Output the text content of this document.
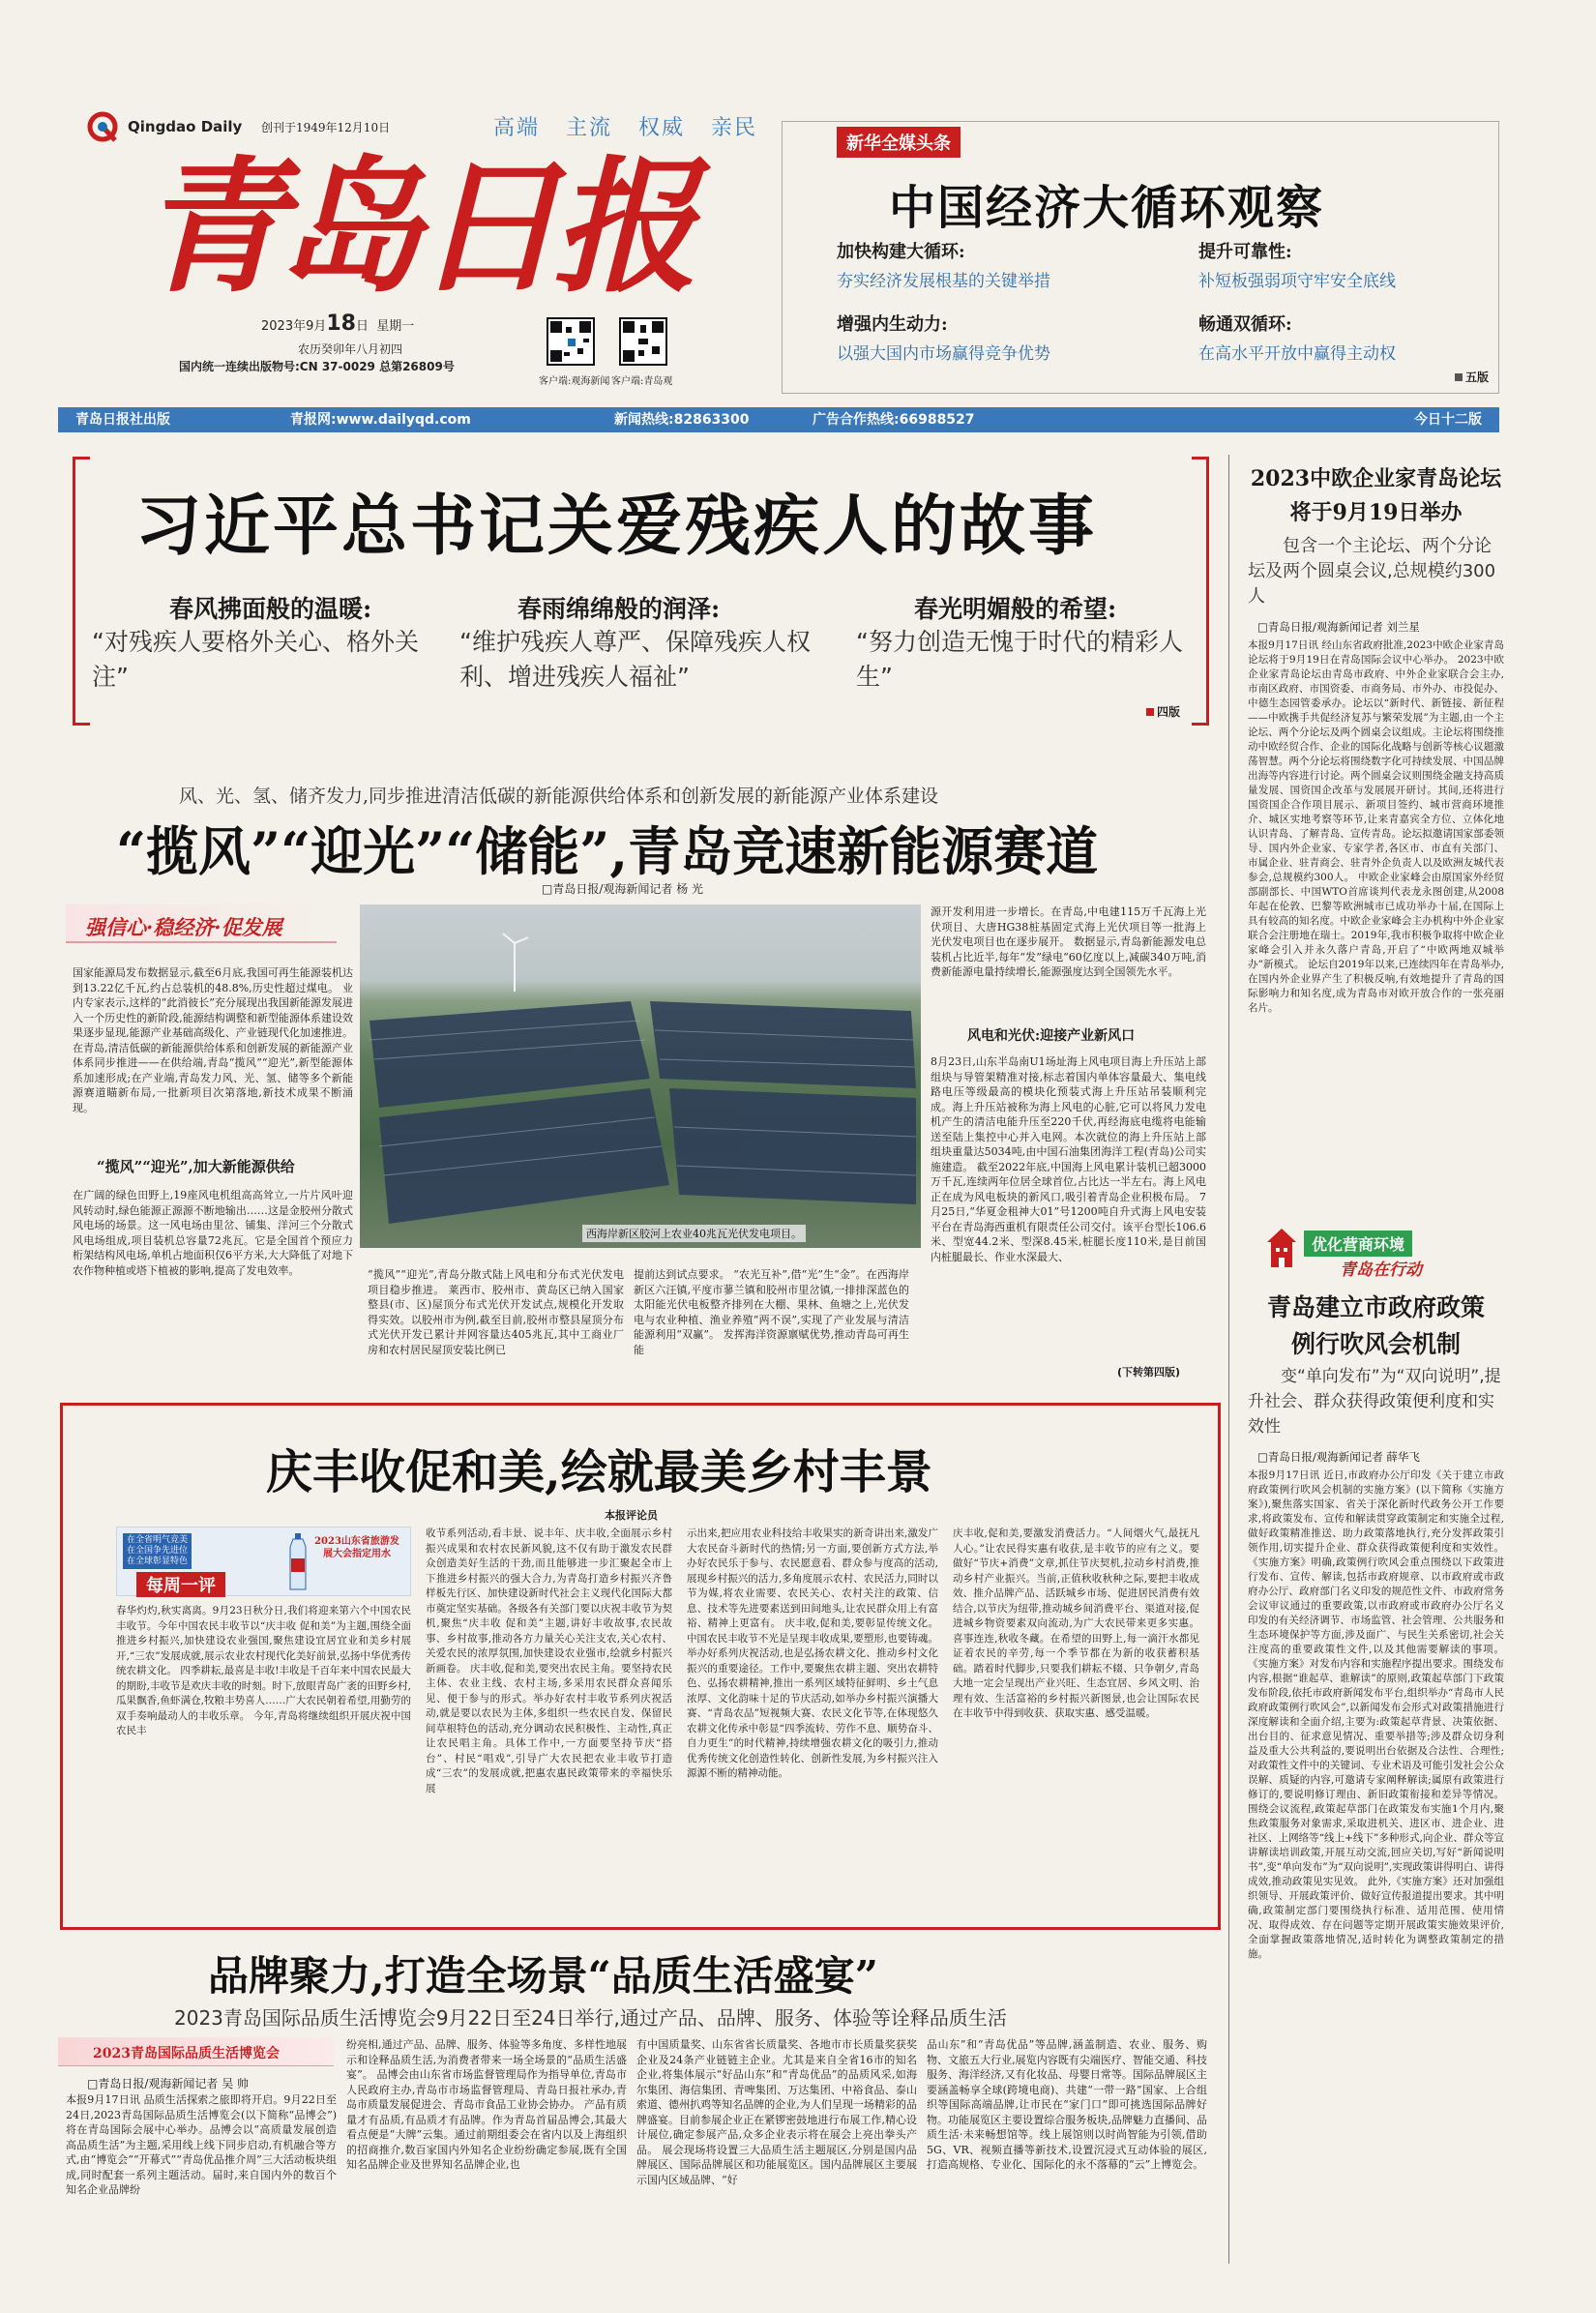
Qingdao Daily 创刊于1949年12月10日	高端 主流 权威 亲民
青岛日报
2023年9月18日 星期一
农历癸卯年八月初四
国内统一连续出版物号:CN 37-0029 总第26809号
客户端:观海新闻 客户端:青岛观
新华全媒头条
中国经济大循环观察
加快构建大循环:
夯实经济发展根基的关键举措
提升可靠性:
补短板强弱项守牢安全底线
增强内生动力:
以强大国内市场赢得竞争优势
畅通双循环:
在高水平开放中赢得主动权
五版
青岛日报社出版	青报网:www.dailyqd.com	新闻热线:82863300	广告合作热线:66988527	今日十二版
习近平总书记关爱残疾人的故事
春风拂面般的温暖:
“对残疾人要格外关心、格外关注”
春雨绵绵般的润泽:
“维护残疾人尊严、保障残疾人权利、增进残疾人福祉”
春光明媚般的希望:
“努力创造无愧于时代的精彩人生”
四版
风、光、氢、储齐发力,同步推进清洁低碳的新能源供给体系和创新发展的新能源产业体系建设
“揽风”“迎光”“储能”,青岛竞速新能源赛道
□青岛日报/观海新闻记者 杨 光
强信心·稳经济·促发展
国家能源局发布数据显示,截至6月底,我国可再生能源装机达到13.22亿千瓦,约占总装机的48.8%,历史性超过煤电。 业内专家表示,这样的“此消彼长”充分展现出我国新能源发展进入一个历史性的新阶段,能源结构调整和新型能源体系建设效果逐步显现,能源产业基础高级化、产业链现代化加速推进。 在青岛,清洁低碳的新能源供给体系和创新发展的新能源产业体系同步推进——在供给端,青岛“揽风”“迎光”,新型能源体系加速形成;在产业端,青岛发力风、光、氢、储等多个新能源赛道瞄新布局,一批新项目次第落地,新技术成果不断涌现。
“揽风”“迎光”,加大新能源供给
在广阔的绿色田野上,19座风电机组高高耸立,一片片风叶迎风转动时,绿色能源正源源不断地输出……这是金胶州分散式风电场的场景。这一风电场由里岔、铺集、洋河三个分散式风电场组成,项目装机总容量72兆瓦。它是全国首个预应力桁架结构风电场,单机占地面积仅6平方米,大大降低了对地下农作物种植或塔下植被的影响,提高了发电效率。
西海岸新区胶河上农业40兆瓦光伏发电项目。
“揽风”“迎光”,青岛分散式陆上风电和分布式光伏发电项目稳步推进。 莱西市、胶州市、黄岛区已纳入国家整县(市、区)屋顶分布式光伏开发试点,规模化开发取得实效。以胶州市为例,截至目前,胶州市整县屋顶分布式光伏开发已累计并网容量达405兆瓦,其中工商业厂房和农村居民屋顶安装比例已
提前达到试点要求。 “农光互补”,借“光”生“金”。在西海岸新区六汪镇,平度市蓼兰镇和胶州市里岔镇,一排排深蓝色的太阳能光伏电板整齐排列在大棚、果林、鱼塘之上,光伏发电与农业种植、渔业养殖“两不误”,实现了产业发展与清洁能源利用“双赢”。 发挥海洋资源禀赋优势,推动青岛可再生能
源开发利用进一步增长。在青岛,中电建115万千瓦海上光伏项目、大唐HG38桩基固定式海上光伏项目等一批海上光伏发电项目也在逐步展开。 数据显示,青岛新能源发电总装机占比近半,每年“发”绿电“60亿度以上,减碳340万吨,消费新能源电量持续增长,能源强度达到全国领先水平。
风电和光伏:迎接产业新风口
8月23日,山东半岛南U1场址海上风电项目海上升压站上部组块与导管架精准对接,标志着国内单体容量最大、集电线路电压等级最高的模块化预装式海上升压站吊装顺利完成。海上升压站被称为海上风电的心脏,它可以将风力发电机产生的清洁电能升压至220千伏,再经海底电缆将电能输送至陆上集控中心并入电网。本次就位的海上升压站上部组块重量达5034吨,由中国石油集团海洋工程(青岛)公司实施建造。 截至2022年底,中国海上风电累计装机已超3000万千瓦,连续两年位居全球首位,占比达一半左右。海上风电正在成为风电板块的新风口,吸引着青岛企业积极布局。 7月25日,“华夏金租神大01”号1200吨自升式海上风电安装平台在青岛海西重机有限责任公司交付。该平台型长106.6米、型宽44.2米、型深8.45米,桩腿长度110米,是目前国内桩腿最长、作业水深最大、
(下转第四版)
庆丰收促和美,绘就最美乡村丰景
本报评论员
在全省明气竞美
在全国争先进位
在全球彰显特色
每周一评
2023山东省旅游发展大会指定用水
春华灼灼,秋实离离。9月23日秋分日,我们将迎来第六个中国农民丰收节。今年中国农民丰收节以“庆丰收 促和美”为主题,围绕全面推进乡村振兴,加快建设农业强国,聚焦建设宜居宜业和美乡村展开,“三农”发展成就,展示农业农村现代化美好前景,弘扬中华优秀传统农耕文化。 四季耕耘,最喜是丰收!丰收是千百年来中国农民最大的期盼,丰收节是欢庆丰收的时刻。时下,放眼青岛广袤的田野乡村,瓜果飘香,鱼虾满仓,牧粮丰势喜人……广大农民朝着希望,用勤劳的双手奏响最动人的丰收乐章。 今年,青岛将继续组织开展庆祝中国农民丰
收节系列活动,看丰景、说丰年、庆丰收,全面展示乡村振兴成果和农村农民新风貌,这不仅有助于激发农民群众创造美好生活的干劲,而且能够进一步汇聚起全市上下推进乡村振兴的强大合力,为青岛打造乡村振兴齐鲁样板先行区、加快建设新时代社会主义现代化国际大都市奠定坚实基础。各级各有关部门要以庆祝丰收节为契机,聚焦“庆丰收 促和美”主题,讲好丰收故事,农民故事、乡村故事,推动各方力量关心关注支农,关心农村、关爱农民的浓厚氛围,加快建设农业强市,绘就乡村振兴新画卷。 庆丰收,促和美,要突出农民主角。要坚持农民主体、农业主线、农村主场,多采用农民群众喜闻乐见、便于参与的形式。举办好农村丰收节系列庆祝活动,就是要以农民为主体,多组织一些农民自发、保留民间草根特色的活动,充分调动农民积极性、主动性,真正让农民唱主角。具体工作中,一方面要坚持节庆“搭台”、村民“唱戏”,引导广大农民把农业丰收节打造成“三农”的发展成就,把惠农惠民政策带来的幸福快乐展
示出来,把应用农业科技给丰收果实的新奇讲出来,激发广大农民奋斗新时代的热情;另一方面,要创新方式方法,举办好农民乐于参与、农民愿意看、群众参与度高的活动,展现乡村振兴的活力,多角度展示农村、农民活力,同时以节为媒,将农业需要、农民关心、农村关注的政策、信息、技术等先进要素送到田间地头,让农民群众用上有富裕、精神上更富有。 庆丰收,促和美,要彰显传统文化。中国农民丰收节不光是呈现丰收成果,要塑形,也要铸魂。举办好系列庆祝活动,也是弘扬农耕文化、推动乡村文化振兴的重要途径。工作中,要聚焦农耕主题、突出农耕特色、弘扬农耕精神,推出一系列区域特征鲜明、乡土气息浓厚、文化韵味十足的节庆活动,如举办乡村振兴演播大赛、“青岛农品”短视频大赛、农民文化节等,在体现悠久农耕文化传承中彰显“四季流转、劳作不息、顺势奋斗、自力更生”的时代精神,持续增强农耕文化的吸引力,推动优秀传统文化创造性转化、创新性发展,为乡村振兴注入源源不断的精神动能。
庆丰收,促和美,要激发消费活力。“人间烟火气,最抚凡人心。”让农民得实惠有收获,是丰收节的应有之义。要做好“节庆+消费”文章,抓住节庆契机,拉动乡村消费,推动乡村产业振兴。当前,正值秋收秋种之际,要把丰收成效、推介品牌产品、活跃城乡市场、促进居民消费有效结合,以节庆为纽带,推动城乡间消费平台、渠道对接,促进城乡物资要素双向流动,为广大农民带来更多实惠。 喜事连连,秋收冬藏。在希望的田野上,每一滴汗水都见证着农民的辛劳,每一个季节都在为新的收获蓄积基础。踏着时代脚步,只要我们耕耘不辍、只争朝夕,青岛大地一定会呈现出产业兴旺、生态宜居、乡风文明、治理有效、生活富裕的乡村振兴新图景,也会让国际农民在丰收节中得到收获、获取实惠、感受温暖。
品牌聚力,打造全场景“品质生活盛宴”
2023青岛国际品质生活博览会9月22日至24日举行,通过产品、品牌、服务、体验等诠释品质生活
2023青岛国际品质生活博览会
□青岛日报/观海新闻记者 吴 帅
本报9月17日讯 品质生活探索之旅即将开启。9月22日至24日,2023青岛国际品质生活博览会(以下简称“品博会”)将在青岛国际会展中心举办。品博会以“高质量发展创造高品质生活”为主题,采用线上线下同步启动,有机融合等方式,由“博览会”“开幕式”“青岛优品推介周”三大活动板块组成,同时配套一系列主题活动。届时,来自国内外的数百个知名企业品牌纷
纷亮相,通过产品、品牌、服务、体验等多角度、多样性地展示和诠释品质生活,为消费者带来一场全场景的“品质生活盛宴”。 品博会由山东省市场监督管理局作为指导单位,青岛市人民政府主办,青岛市市场监督管理局、青岛日报社承办,青岛市质量发展促进会、青岛市食品工业协会协办。 产品有质量才有品质,有品质才有品牌。作为青岛首届品博会,其最大看点便是“大牌”云集。通过前期组委会在省内以及上海组织的招商推介,数百家国内外知名企业纷纷确定参展,既有全国知名品牌企业及世界知名品牌企业,也
有中国质量奖、山东省省长质量奖、各地市市长质量奖获奖企业及24条产业链链主企业。尤其是来自全省16市的知名企业,将集体展示“好品山东”和“青岛优品”的品质风采,如海尔集团、海信集团、青啤集团、万达集团、中裕食品、泰山索道、德州扒鸡等知名品牌的企业,为人们呈现一场精彩的品牌盛宴。目前参展企业正在紧锣密鼓地进行布展工作,精心设计展位,确定参展产品,众多企业表示将在展会上亮出拳头产品。 展会现场将设置三大品质生活主题展区,分别是国内品牌展区、国际品牌展区和功能展览区。国内品牌展区主要展示国内区域品牌、“好
品山东”和“青岛优品”等品牌,涵盖制造、农业、服务、购物、文旅五大行业,展览内容既有尖端医疗、智能交通、科技服务、海洋经济,又有化妆品、母婴日常等。国际品牌展区主要涵盖畅享全球(跨境电商)、共建“一带一路”国家、上合组织等国际高端品牌,让市民在“家门口”即可挑选国际品牌好物。功能展览区主要设置综合服务板块,品牌魅力直播间、品质生活·未来畅想馆等。线上展馆则以时尚智能为引领,借助5G、VR、视频直播等新技术,设置沉浸式互动体验的展区,打造高规格、专业化、国际化的永不落幕的“云”上博览会。
2023中欧企业家青岛论坛
将于9月19日举办
包含一个主论坛、两个分论坛及两个圆桌会议,总规模约300人
□青岛日报/观海新闻记者 刘兰星
本报9月17日讯 经山东省政府批准,2023中欧企业家青岛论坛将于9月19日在青岛国际会议中心举办。 2023中欧企业家青岛论坛由青岛市政府、中外企业家联合会主办,市南区政府、市国资委、市商务局、市外办、市投促办、中德生态园管委承办。论坛以“新时代、新链接、新征程——中欧携手共促经济复苏与繁荣发展”为主题,由一个主论坛、两个分论坛及两个圆桌会议组成。主论坛将围绕推动中欧经贸合作、企业的国际化战略与创新等核心议题激荡智慧。两个分论坛将围绕数字化可持续发展、中国品牌出海等内容进行讨论。两个圆桌会议则围绕金融支持高质量发展、国资国企改革与发展展开研讨。其间,还将进行国资国企合作项目展示、新项目签约、城市营商环境推介、城区实地考察等环节,让来青嘉宾全方位、立体化地认识青岛、了解青岛、宣传青岛。论坛拟邀请国家部委领导、国内外企业家、专家学者,各区市、市直有关部门、市属企业、驻青商会、驻青外企负责人以及欧洲友城代表参会,总规模约300人。 中欧企业家峰会由原国家外经贸部副部长、中国WTO首席谈判代表龙永图创建,从2008年起在伦敦、巴黎等欧洲城市已成功举办十届,在国际上具有较高的知名度。中欧企业家峰会主办机构中外企业家联合会注册地在瑞士。2019年,我市积极争取将中欧企业家峰会引入并永久落户青岛,开启了“中欧两地双城举办”新模式。 论坛自2019年以来,已连续四年在青岛举办,在国内外企业界产生了积极反响,有效地提升了青岛的国际影响力和知名度,成为青岛市对欧开放合作的一张亮丽名片。
优化营商环境
青岛在行动
青岛建立市政府政策
例行吹风会机制
变“单向发布”为“双向说明”,提升社会、群众获得政策便利度和实效性
□青岛日报/观海新闻记者 薛华飞
本报9月17日讯 近日,市政府办公厅印发《关于建立市政府政策例行吹风会机制的实施方案》(以下简称《实施方案》),聚焦落实国家、省关于深化新时代政务公开工作要求,将政策发布、宣传和解读贯穿政策制定和实施全过程,做好政策精准推送、助力政策落地执行,充分发挥政策引领作用,切实提升企业、群众获得政策便利度和实效性。 《实施方案》明确,政策例行吹风会重点围绕以下政策进行发布、宣传、解读,包括市政府规章、以市政府或市政府办公厅、政府部门名义印发的规范性文件、市政府常务会议审议通过的重要政策,以市政府或市政府办公厅名义印发的有关经济调节、市场监管、社会管理、公共服务和生态环境保护等方面,涉及面广、与民生关系密切,社会关注度高的重要政策性文件,以及其他需要解读的事项。 《实施方案》对发布内容和实施程序提出要求。围绕发布内容,根据“谁起草、谁解读”的原则,政策起草部门下政策发布阶段,依托市政府新闻发布平台,组织举办“青岛市人民政府政策例行吹风会”,以新闻发布会形式对政策措施进行深度解读和全面介绍,主要为:政策起草背景、决策依据、出台目的、征求意见情况、重要举措等;涉及群众切身利益及重大公共利益的,要说明出台依据及合法性、合理性;对政策性文件中的关键词、专业术语及可能引发社会公众误解、质疑的内容,可邀请专家阐释解读;属原有政策进行修订的,要说明修订理由、新旧政策衔接和差异等情况。围绕会议流程,政策起草部门在政策发布实施1个月内,聚焦政策服务对象需求,采取进机关、进区市、进企业、进社区、上网络等“线上+线下”多种形式,向企业、群众等宣讲解读培训政策,开展互动交流,回应关切,写好“新闻说明书”,变“单向发布”为“双向说明”,实现政策讲得明白、讲得成效,推动政策见实见效。 此外,《实施方案》还对加强组织领导、开展政策评价、做好宣传报道提出要求。其中明确,政策制定部门要围绕执行标准、适用范围、使用情况、取得成效、存在问题等定期开展政策实施效果评价,全面掌握政策落地情况,适时转化为调整政策制定的措施。
